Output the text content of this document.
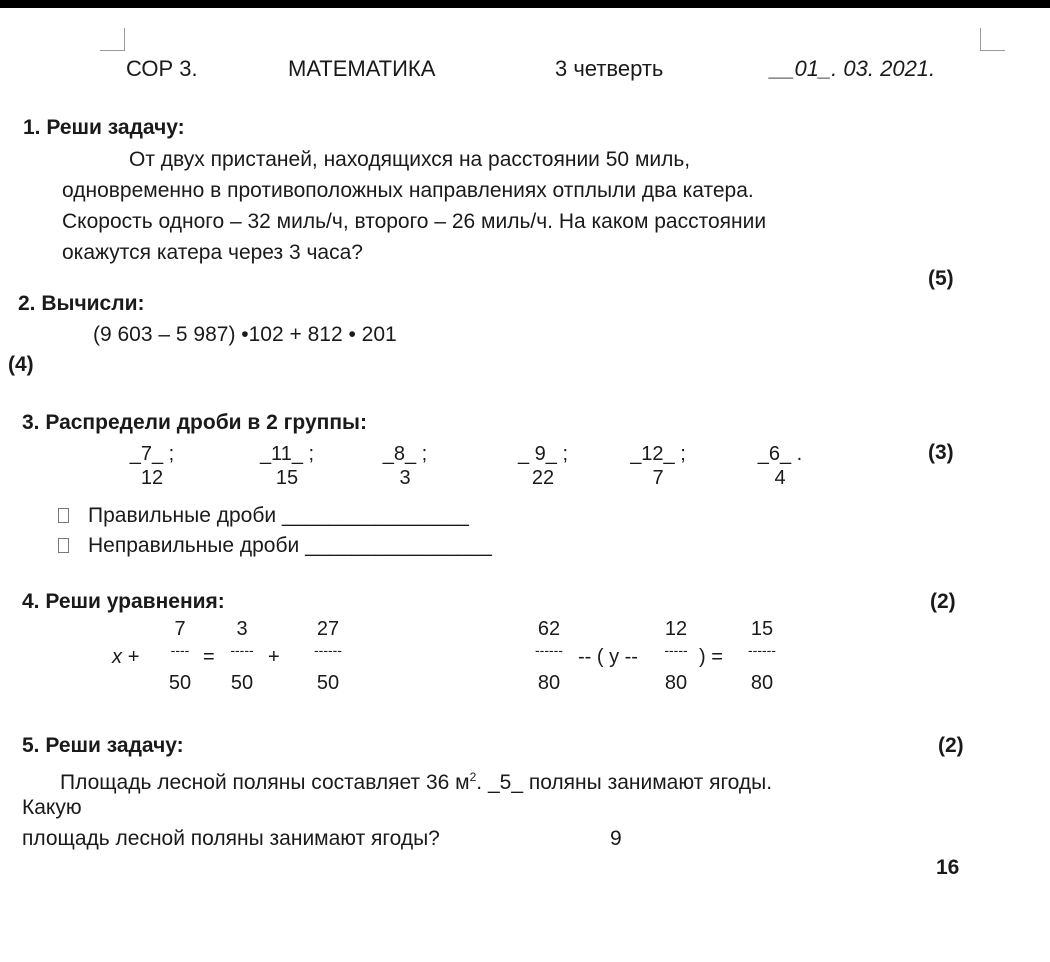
СОР 3.	МАТЕМАТИКА	3 четверть	__01_. 03. 2021.
1. Реши задачу:
От двух пристаней, находящихся на расстоянии 50 миль,
одновременно в противоположных направлениях отплыли два катера.
Скорость одного – 32 миль/ч, второго – 26 миль/ч. На каком расстоянии
окажутся катера через 3 часа?
(5)
2. Вычисли:
(9 603 – 5 987) •102 + 812 • 201
(4)
3. Распредели дроби в 2 группы:
_7_ ;
12
_11_ ;
15
_8_ ;
3
_ 9_ ;
22
_12_ ;
7
_6_ .
4
(3)
Правильные дроби ________________
Неправильные дроби ________________
4. Реши уравнения:	(2)
x +
7
----
50
=
3
-----
50
+
27
------
50
62
------
80
-- ( y --
12
-----
80
) =
15
------
80
5. Реши задачу:	(2)
Площадь лесной поляны составляет 36 $м^2$. _5_ поляны занимают ягоды.
Какую
площадь лесной поляны занимают ягоды?	9
16
